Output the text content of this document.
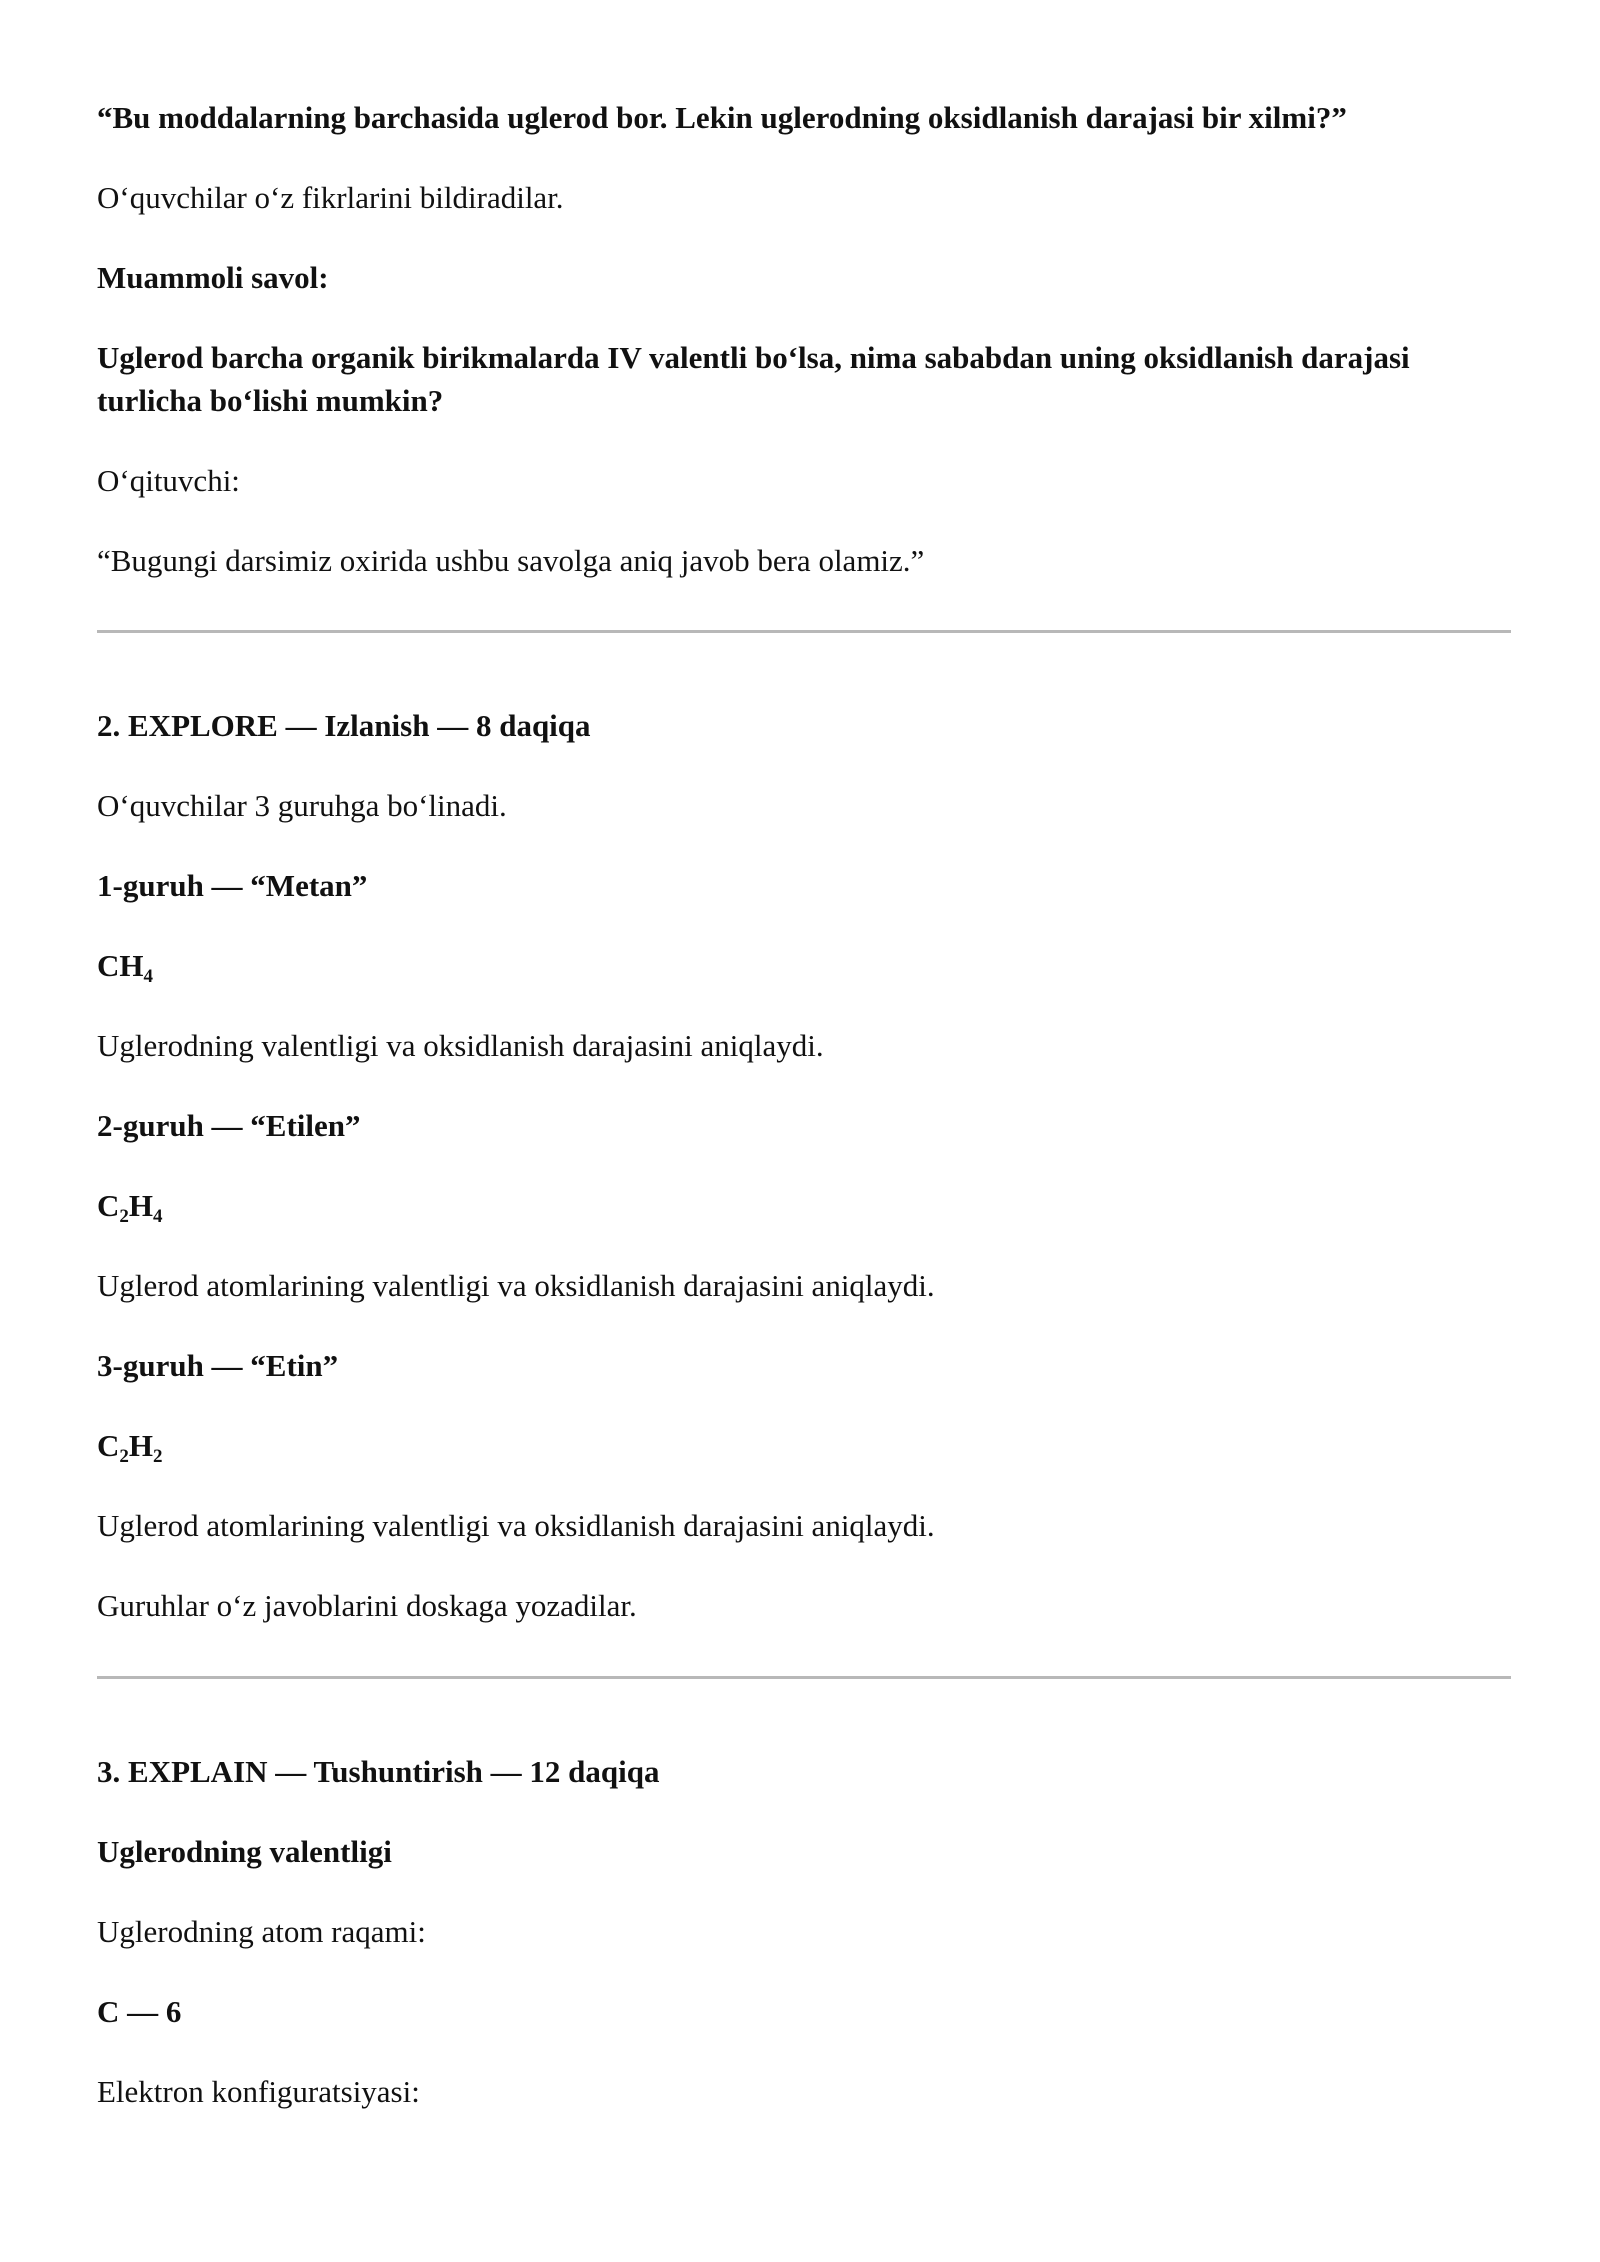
“Bu moddalarning barchasida uglerod bor. Lekin uglerodning oksidlanish darajasi bir xilmi?”

O‘quvchilar o‘z fikrlarini bildiradilar.

Muammoli savol:

Uglerod barcha organik birikmalarda IV valentli bo‘lsa, nima sababdan uning oksidlanish darajasi turlicha bo‘lishi mumkin?

O‘qituvchi:

“Bugungi darsimiz oxirida ushbu savolga aniq javob bera olamiz.”

2. EXPLORE — Izlanish — 8 daqiqa

O‘quvchilar 3 guruhga bo‘linadi.

1-guruh — “Metan”

$CH_4$

Uglerodning valentligi va oksidlanish darajasini aniqlaydi.

2-guruh — “Etilen”

$C_2H_4$

Uglerod atomlarining valentligi va oksidlanish darajasini aniqlaydi.

3-guruh — “Etin”

$C_2H_2$

Uglerod atomlarining valentligi va oksidlanish darajasini aniqlaydi.

Guruhlar o‘z javoblarini doskaga yozadilar.

3. EXPLAIN — Tushuntirish — 12 daqiqa

Uglerodning valentligi

Uglerodning atom raqami:

C — 6

Elektron konfiguratsiyasi:
